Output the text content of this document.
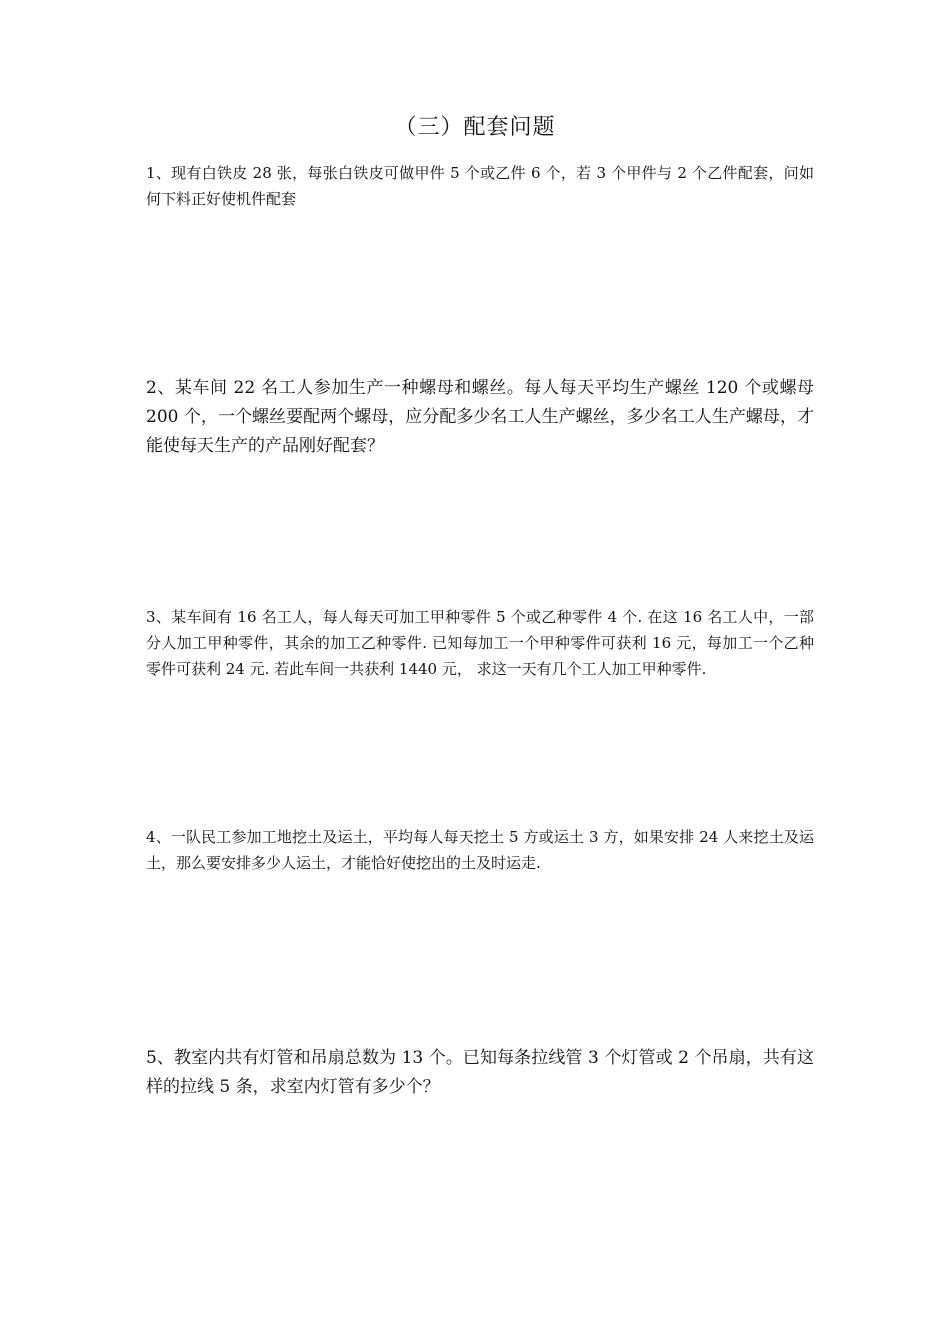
（三）配套问题

1、现有白铁皮 28 张，每张白铁皮可做甲件 5 个或乙件 6 个，若 3 个甲件与 2 个乙件配套，问如何下料正好使机件配套

2、某车间 22 名工人参加生产一种螺母和螺丝。每人每天平均生产螺丝 120 个或螺母 200 个，一个螺丝要配两个螺母，应分配多少名工人生产螺丝，多少名工人生产螺母，才能使每天生产的产品刚好配套？

3、某车间有 16 名工人，每人每天可加工甲种零件 5 个或乙种零件 4 个. 在这 16 名工人中，一部分人加工甲种零件，其余的加工乙种零件. 已知每加工一个甲种零件可获利 16 元，每加工一个乙种零件可获利 24 元. 若此车间一共获利 1440 元， 求这一天有几个工人加工甲种零件.

4、一队民工参加工地挖土及运土，平均每人每天挖土 5 方或运土 3 方，如果安排 24 人来挖土及运土，那么要安排多少人运土，才能恰好使挖出的土及时运走.

5、教室内共有灯管和吊扇总数为 13 个。已知每条拉线管 3 个灯管或 2 个吊扇，共有这样的拉线 5 条，求室内灯管有多少个？
